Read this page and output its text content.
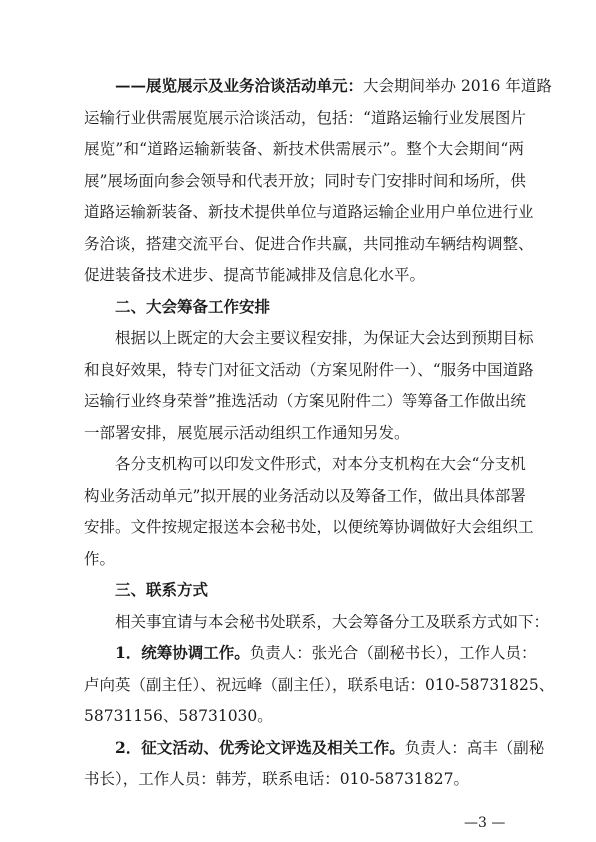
——展览展示及业务洽谈活动单元：大会期间举办 2016 年道路
运输行业供需展览展示洽谈活动，包括：“道路运输行业发展图片
展览”和“道路运输新装备、新技术供需展示”。整个大会期间“两
展”展场面向参会领导和代表开放；同时专门安排时间和场所，供
道路运输新装备、新技术提供单位与道路运输企业用户单位进行业
务洽谈，搭建交流平台、促进合作共赢，共同推动车辆结构调整、
促进装备技术进步、提高节能减排及信息化水平。
二、大会筹备工作安排
根据以上既定的大会主要议程安排，为保证大会达到预期目标
和良好效果，特专门对征文活动（方案见附件一）、“服务中国道路
运输行业终身荣誉”推选活动（方案见附件二）等筹备工作做出统
一部署安排，展览展示活动组织工作通知另发。
各分支机构可以印发文件形式，对本分支机构在大会“分支机
构业务活动单元”拟开展的业务活动以及筹备工作，做出具体部署
安排。文件按规定报送本会秘书处，以便统筹协调做好大会组织工
作。
三、联系方式
相关事宜请与本会秘书处联系，大会筹备分工及联系方式如下：
1．统筹协调工作。负责人：张光合（副秘书长），工作人员：
卢向英（副主任）、祝远峰（副主任），联系电话：010-58731825、
58731156、58731030。
2．征文活动、优秀论文评选及相关工作。负责人：高丰（副秘
书长），工作人员：韩芳，联系电话：010-58731827。
—3 —
